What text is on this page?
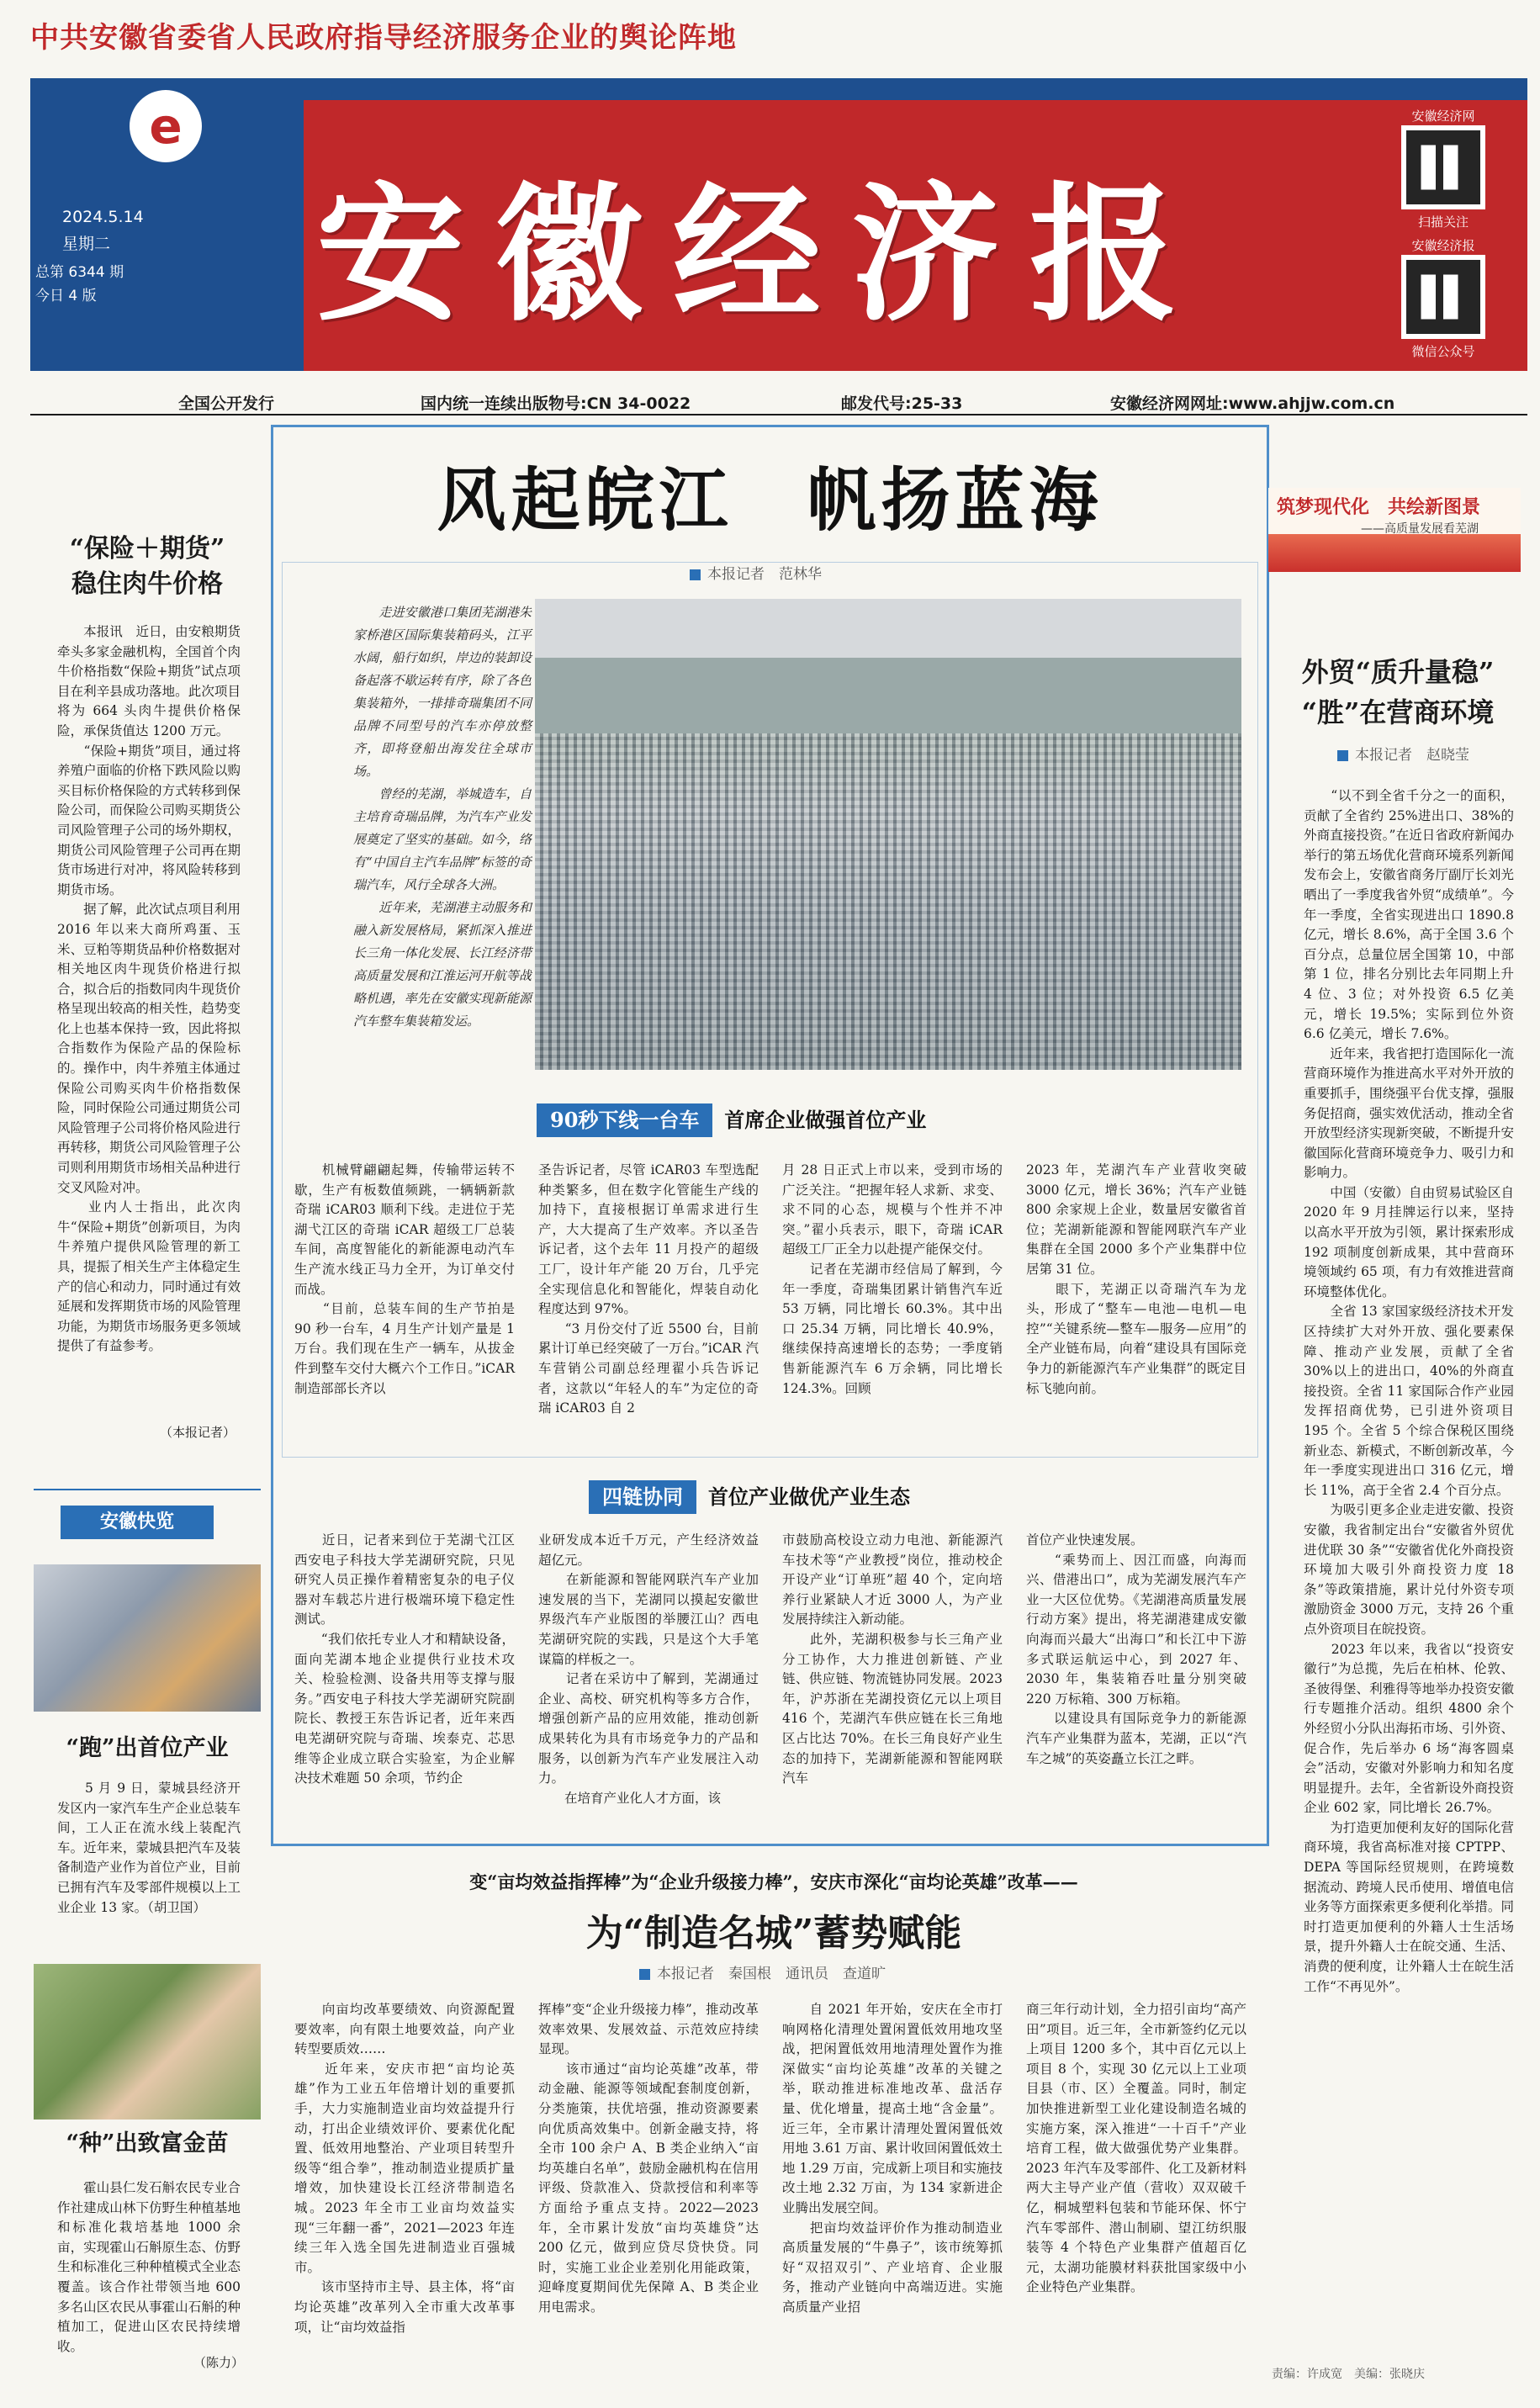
中共安徽省委省人民政府指导经济服务企业的舆论阵地
e
2024.5.14
星期二
总第 6344 期
今日 4 版 安徽经济报
安徽经济网
扫描关注
安徽经济报
微信公众号
全国公开发行	国内统一连续出版物号:CN 34-0022	邮发代号:25-33	安徽经济网网址:www.ahjjw.com.cn
“保险＋期货”
稳住肉牛价格
　　本报讯　近日，由安粮期货牵头多家金融机构，全国首个肉牛价格指数“保险+期货”试点项目在利辛县成功落地。此次项目将为 664 头肉牛提供价格保险，承保货值达 1200 万元。
　　“保险+期货”项目，通过将养殖户面临的价格下跌风险以购买目标价格保险的方式转移到保险公司，而保险公司购买期货公司风险管理子公司的场外期权，期货公司风险管理子公司再在期货市场进行对冲，将风险转移到期货市场。
　　据了解，此次试点项目利用 2016 年以来大商所鸡蛋、玉米、豆粕等期货品种价格数据对相关地区肉牛现货价格进行拟合，拟合后的指数同肉牛现货价格呈现出较高的相关性，趋势变化上也基本保持一致，因此将拟合指数作为保险产品的保险标的。操作中，肉牛养殖主体通过保险公司购买肉牛价格指数保险，同时保险公司通过期货公司风险管理子公司将价格风险进行再转移，期货公司风险管理子公司则利用期货市场相关品种进行交叉风险对冲。
　　业内人士指出，此次肉牛“保险+期货”创新项目，为肉牛养殖户提供风险管理的新工具，提振了相关生产主体稳定生产的信心和动力，同时通过有效延展和发挥期货市场的风险管理功能，为期货市场服务更多领域提供了有益参考。
（本报记者）
安徽快览
“跑”出首位产业
　　5 月 9 日，蒙城县经济开发区内一家汽车生产企业总装车间，工人正在流水线上装配汽车。近年来，蒙城县把汽车及装备制造产业作为首位产业，目前已拥有汽车及零部件规模以上工业企业 13 家。（胡卫国）
“种”出致富金苗
　　霍山县仁发石斛农民专业合作社建成山林下仿野生种植基地和标准化栽培基地 1000 余亩，实现霍山石斛原生态、仿野生和标准化三种种植模式全业态覆盖。该合作社带领当地 600 多名山区农民从事霍山石斛的种植加工，促进山区农民持续增收。
（陈力）
风起皖江　帆扬蓝海
本报记者　范林华
　　走进安徽港口集团芜湖港朱家桥港区国际集装箱码头，江平水阔，船行如织，岸边的装卸设备起落不歇运转有序，除了各色集装箱外，一排排奇瑞集团不同品牌不同型号的汽车亦停放整齐，即将登船出海发往全球市场。
　　曾经的芜湖，举城造车，自主培育奇瑞品牌，为汽车产业发展奠定了坚实的基础。如今，络有“中国自主汽车品牌”标签的奇瑞汽车，风行全球各大洲。
　　近年来，芜湖港主动服务和融入新发展格局，紧抓深入推进长三角一体化发展、长江经济带高质量发展和江淮运河开航等战略机遇，率先在安徽实现新能源汽车整车集装箱发运。
90秒下线一台车 首席企业做强首位产业
　　机械臂翩翩起舞，传输带运转不歇，生产有板数值频跳，一辆辆新款奇瑞 iCAR03 顺利下线。走进位于芜湖弋江区的奇瑞 iCAR 超级工厂总装车间，高度智能化的新能源电动汽车生产流水线正马力全开，为订单交付而战。
　　“目前，总装车间的生产节拍是 90 秒一台车，4 月生产计划产量是 1 万台。我们现在生产一辆车，从拔金件到整车交付大概六个工作日。”iCAR 制造部部长齐以
圣告诉记者，尽管 iCAR03 车型选配种类繁多，但在数字化管能生产线的加持下，直接根据订单需求进行生产，大大提高了生产效率。齐以圣告诉记者，这个去年 11 月投产的超级工厂，设计年产能 20 万台，几乎完全实现信息化和智能化，焊装自动化程度达到 97%。
　　“3 月份交付了近 5500 台，目前累计订单已经突破了一万台。”iCAR 汽车营销公司副总经理翟小兵告诉记者，这款以“年轻人的车”为定位的奇瑞 iCAR03 自 2
月 28 日正式上市以来，受到市场的广泛关注。“把握年轻人求新、求变、求不同的心态，规模与个性并不冲突。”翟小兵表示，眼下，奇瑞 iCAR 超级工厂正全力以赴提产能保交付。
　　记者在芜湖市经信局了解到，今年一季度，奇瑞集团累计销售汽车近 53 万辆，同比增长 60.3%。其中出口 25.34 万辆，同比增长 40.9%，继续保持高速增长的态势；一季度销售新能源汽车 6 万余辆，同比增长 124.3%。回顾
2023 年，芜湖汽车产业营收突破 3000 亿元，增长 36%；汽车产业链 800 余家规上企业，数量居安徽省首位；芜湖新能源和智能网联汽车产业集群在全国 2000 多个产业集群中位居第 31 位。
　　眼下，芜湖正以奇瑞汽车为龙头，形成了“整车—电池—电机—电控”“关键系统—整车—服务—应用”的全产业链布局，向着“建设具有国际竞争力的新能源汽车产业集群”的既定目标飞驰向前。
四链协同 首位产业做优产业生态
　　近日，记者来到位于芜湖弋江区西安电子科技大学芜湖研究院，只见研究人员正操作着精密复杂的电子仪器对车载芯片进行极端环境下稳定性测试。
　　“我们依托专业人才和精缺设备，面向芜湖本地企业提供行业技术攻关、检验检测、设备共用等支撑与服务。”西安电子科技大学芜湖研究院副院长、教授王东告诉记者，近年来西电芜湖研究院与奇瑞、埃泰克、芯思维等企业成立联合实验室，为企业解决技术难题 50 余项，节约企
业研发成本近千万元，产生经济效益超亿元。
　　在新能源和智能网联汽车产业加速发展的当下，芜湖同以摸起安徽世界级汽车产业版图的举腰江山？西电芜湖研究院的实践，只是这个大手笔谋篇的样板之一。
　　记者在采访中了解到，芜湖通过企业、高校、研究机构等多方合作，增强创新产品的应用效能，推动创新成果转化为具有市场竞争力的产品和服务，以创新为汽车产业发展注入动力。
　　在培育产业化人才方面，该
市鼓励高校设立动力电池、新能源汽车技术等“产业教授”岗位，推动校企开设产业“订单班”超 40 个，定向培养行业紧缺人才近 3000 人，为产业发展持续注入新动能。
　　此外，芜湖积极参与长三角产业分工协作，大力推进创新链、产业链、供应链、物流链协同发展。2023 年，沪苏浙在芜湖投资亿元以上项目 416 个，芜湖汽车供应链在长三角地区占比达 70%。在长三角良好产业生态的加持下，芜湖新能源和智能网联汽车
首位产业快速发展。
　　“乘势而上、因江而盛，向海而兴、借港出口”，成为芜湖发展汽车产业一大区位优势。《芜湖港高质量发展行动方案》提出，将芜湖港建成安徽向海而兴最大“出海口”和长江中下游多式联运航运中心，到 2027 年、2030 年，集装箱吞吐量分别突破 220 万标箱、300 万标箱。
　　以建设具有国际竞争力的新能源汽车产业集群为蓝本，芜湖，正以“汽车之城”的英姿矗立长江之畔。
变“亩均效益指挥棒”为“企业升级接力棒”，安庆市深化“亩均论英雄”改革——
为“制造名城”蓄势赋能
本报记者　秦国根　通讯员　查道旷
　　向亩均改革要绩效、向资源配置要效率，向有限土地要效益，向产业转型要质效……
　　近年来，安庆市把“亩均论英雄”作为工业五年倍增计划的重要抓手，大力实施制造业亩均效益提升行动，打出企业绩效评价、要素优化配置、低效用地整治、产业项目转型升级等“组合拳”，推动制造业提质扩量增效，加快建设长江经济带制造名城。2023 年全市工业亩均效益实现“三年翻一番”，2021—2023 年连续三年入选全国先进制造业百强城市。
　　该市坚持市主导、县主体，将“亩均论英雄”改革列入全市重大改革事项，让“亩均效益指
挥棒”变“企业升级接力棒”，推动改革效率效果、发展效益、示范效应持续显现。
　　该市通过“亩均论英雄”改革，带动金融、能源等领域配套制度创新，分类施策，扶优培强，推动资源要素向优质高效集中。创新金融支持，将全市 100 余户 A、B 类企业纳入“亩均英雄白名单”，鼓励金融机构在信用评级、贷款准入、贷款授信和利率等方面给予重点支持。2022—2023 年，全市累计发放“亩均英雄贷”达 200 亿元，做到应贷尽贷快贷。同时，实施工业企业差别化用能政策，迎峰度夏期间优先保障 A、B 类企业用电需求。
　　自 2021 年开始，安庆在全市打响网格化清理处置闲置低效用地攻坚战，把闲置低效用地清理处置作为推深做实“亩均论英雄”改革的关键之举，联动推进标准地改革、盘活存量、优化增量，提高土地“含金量”。近三年，全市累计清理处置闲置低效用地 3.61 万亩、累计收回闲置低效土地 1.29 万亩，完成新上项目和实施技改土地 2.32 万亩，为 134 家新进企业腾出发展空间。
　　把亩均效益评价作为推动制造业高质量发展的“牛鼻子”，该市统筹抓好“双招双引”、产业培育、企业服务，推动产业链向中高端迈进。实施高质量产业招
商三年行动计划，全力招引亩均“高产田”项目。近三年，全市新签约亿元以上项目 1200 多个，其中百亿元以上项目 8 个，实现 30 亿元以上工业项目县（市、区）全覆盖。同时，制定加快推进新型工业化建设制造名城的实施方案，深入推进“一十百千”产业培育工程，做大做强优势产业集群。2023 年汽车及零部件、化工及新材料两大主导产业产值（营收）双双破千亿，桐城塑料包装和节能环保、怀宁汽车零部件、潜山制刷、望江纺织服装等 4 个特色产业集群产值超百亿元，太湖功能膜材料获批国家级中小企业特色产业集群。
筑梦现代化　共绘新图景
——高质量发展看芜湖
外贸“质升量稳”
“胜”在营商环境
本报记者　赵晓莹
　　“以不到全省千分之一的面积，贡献了全省约 25%进出口、38%的外商直接投资。”在近日省政府新闻办举行的第五场优化营商环境系列新闻发布会上，安徽省商务厅副厅长刘光晒出了一季度我省外贸“成绩单”。今年一季度，全省实现进出口 1890.8 亿元，增长 8.6%，高于全国 3.6 个百分点，总量位居全国第 10，中部第 1 位，排名分别比去年同期上升 4 位、3 位；对外投资 6.5 亿美元，增长 19.5%；实际到位外资 6.6 亿美元，增长 7.6%。
　　近年来，我省把打造国际化一流营商环境作为推进高水平对外开放的重要抓手，围绕强平台优支撑，强服务促招商，强实效优活动，推动全省开放型经济实现新突破，不断提升安徽国际化营商环境竞争力、吸引力和影响力。
　　中国（安徽）自由贸易试验区自 2020 年 9 月挂牌运行以来，坚持以高水平开放为引领，累计探索形成 192 项制度创新成果，其中营商环境领域约 65 项，有力有效推进营商环境整体优化。
　　全省 13 家国家级经济技术开发区持续扩大对外开放、强化要素保障、推动产业发展，贡献了全省 30%以上的进出口，40%的外商直接投资。全省 11 家国际合作产业园发挥招商优势，已引进外资项目 195 个。全省 5 个综合保税区围绕新业态、新模式，不断创新改革，今年一季度实现进出口 316 亿元，增长 11%，高于全省 2.4 个百分点。
　　为吸引更多企业走进安徽、投资安徽，我省制定出台“安徽省外贸优进优联 30 条”“安徽省优化外商投资环境加大吸引外商投资力度 18 条”等政策措施，累计兑付外资专项激励资金 3000 万元，支持 26 个重点外资项目在皖投资。
　　2023 年以来，我省以“投资安徽行”为总揽，先后在柏林、伦敦、圣彼得堡、利雅得等地举办投资安徽行专题推介活动。组织 4800 余个外经贸小分队出海拓市场、引外资、促合作，先后举办 6 场“海客圆桌会”活动，安徽对外影响力和知名度明显提升。去年，全省新设外商投资企业 602 家，同比增长 26.7%。
　　为打造更加便利友好的国际化营商环境，我省高标准对接 CPTPP、DEPA 等国际经贸规则，在跨境数据流动、跨境人民币使用、增值电信业务等方面探索更多便利化举措。同时打造更加便利的外籍人士生活场景，提升外籍人士在皖交通、生活、消费的便利度，让外籍人士在皖生活工作“不再见外”。
责编：许成宽　美编：张晓庆
